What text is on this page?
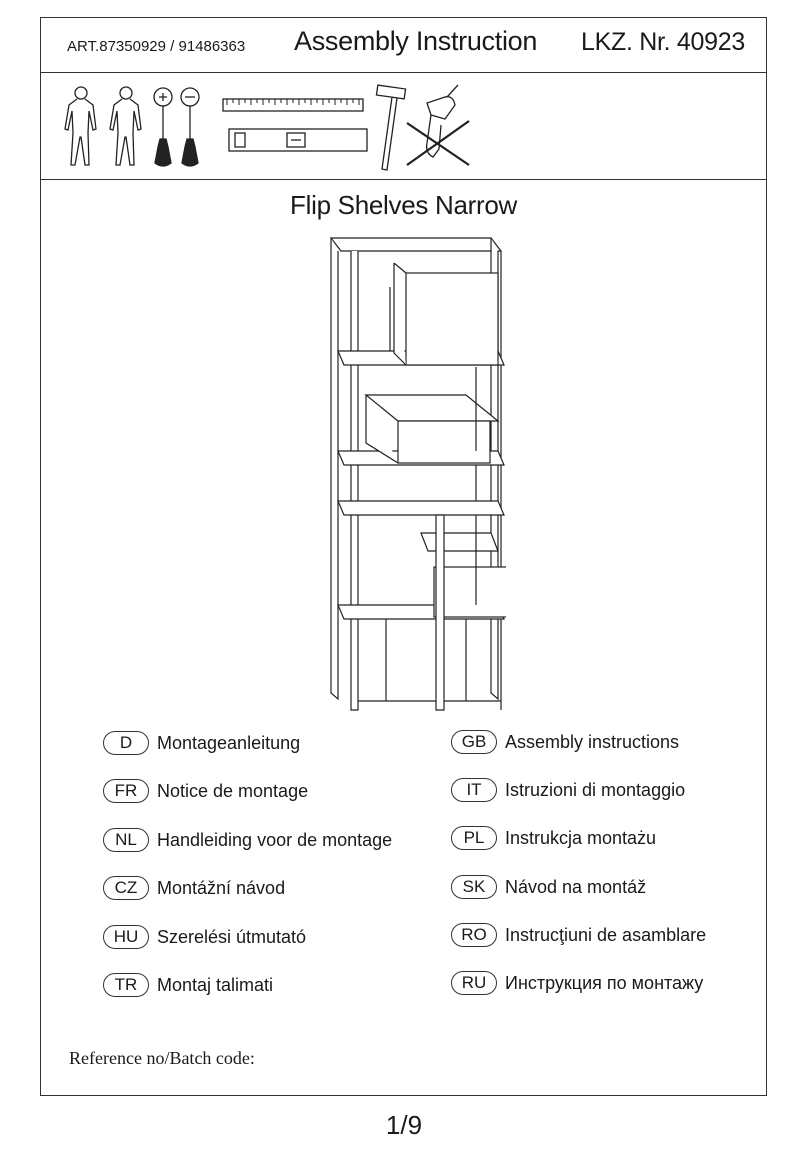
ART.87350929 / 91486363 Assembly Instruction LKZ. Nr. 40923
Flip Shelves Narrow
D	Montageanleitung
FR	Notice de montage
NL	Handleiding voor de montage
CZ	Montážní návod
HU	Szerelési útmutató
TR	Montaj talimati
GB	Assembly instructions
IT	Istruzioni di montaggio
PL	Instrukcja montażu
SK	Návod na montáž
RO	Instrucţiuni de asamblare
RU	Инструкция по монтажу
Reference no/Batch code:
1/9
